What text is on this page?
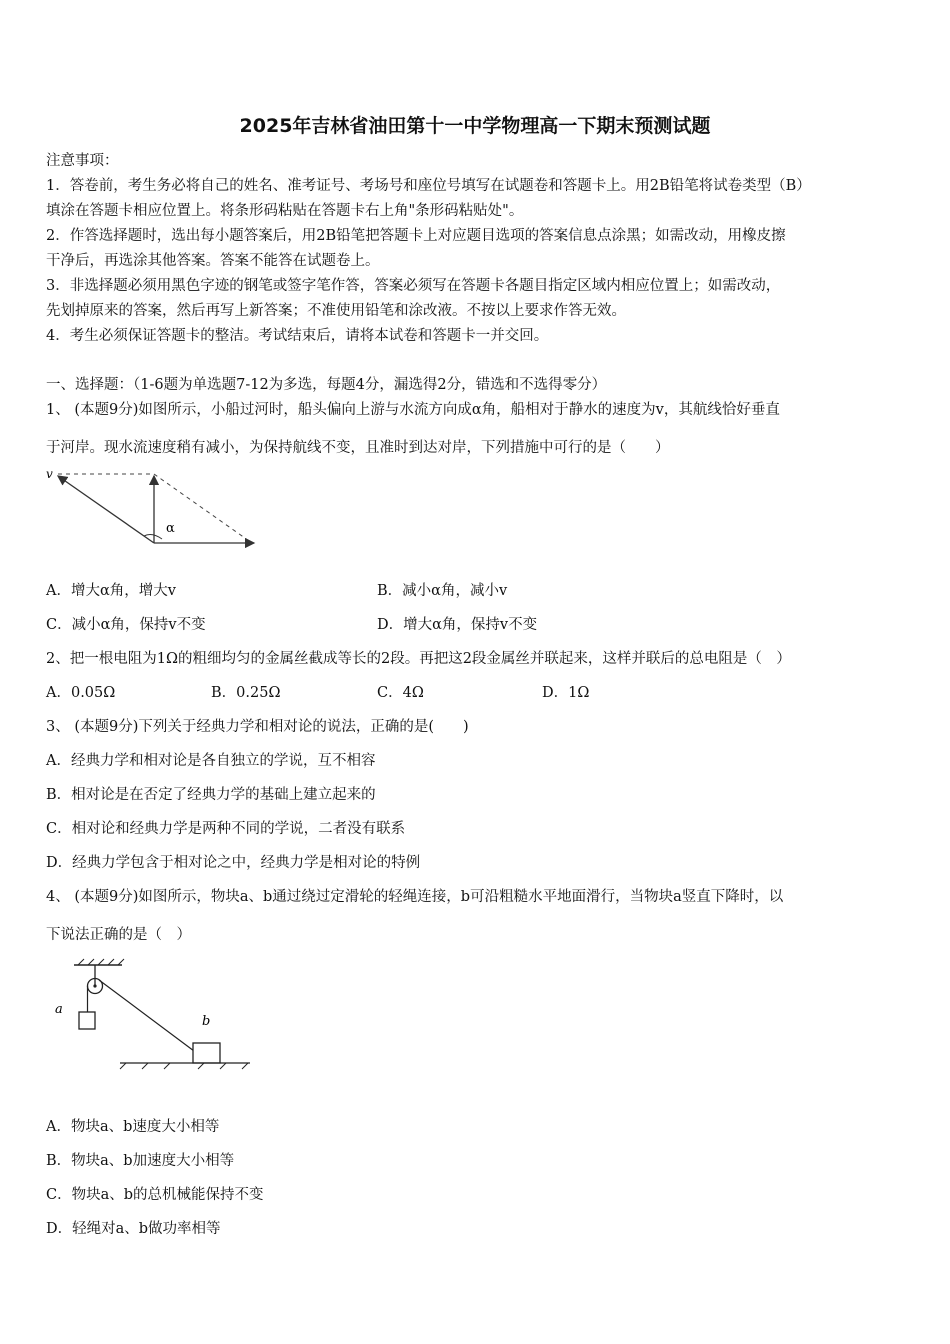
2025年吉林省油田第十一中学物理高一下期末预测试题
注意事项：
1．答卷前，考生务必将自己的姓名、准考证号、考场号和座位号填写在试题卷和答题卡上。用2B铅笔将试卷类型（B）
填涂在答题卡相应位置上。将条形码粘贴在答题卡右上角"条形码粘贴处"。
2．作答选择题时，选出每小题答案后，用2B铅笔把答题卡上对应题目选项的答案信息点涂黑；如需改动，用橡皮擦
干净后，再选涂其他答案。答案不能答在试题卷上。
3．非选择题必须用黑色字迹的钢笔或签字笔作答，答案必须写在答题卡各题目指定区域内相应位置上；如需改动，
先划掉原来的答案，然后再写上新答案；不准使用铅笔和涂改液。不按以上要求作答无效。
4．考生必须保证答题卡的整洁。考试结束后，请将本试卷和答题卡一并交回。
一、选择题：（1-6题为单选题7-12为多选，每题4分，漏选得2分，错选和不选得零分）
1、 (本题9分)如图所示，小船过河时，船头偏向上游与水流方向成α角，船相对于静水的速度为v，其航线恰好垂直
于河岸。现水流速度稍有减小，为保持航线不变，且准时到达对岸，下列措施中可行的是（　　）
v
α
A．增大α角，增大v	B．减小α角，减小v
C．减小α角，保持v不变	D．增大α角，保持v不变
2、把一根电阻为1Ω的粗细均匀的金属丝截成等长的2段。再把这2段金属丝并联起来，这样并联后的总电阻是（　）
A．0.05Ω	B．0.25Ω	C．4Ω	D．1Ω
3、 (本题9分)下列关于经典力学和相对论的说法，正确的是(　　)
A．经典力学和相对论是各自独立的学说，互不相容
B．相对论是在否定了经典力学的基础上建立起来的
C．相对论和经典力学是两种不同的学说，二者没有联系
D．经典力学包含于相对论之中，经典力学是相对论的特例
4、 (本题9分)如图所示，物块a、b通过绕过定滑轮的轻绳连接，b可沿粗糙水平地面滑行，当物块a竖直下降时，以
下说法正确的是（　）
a
b
A．物块a、b速度大小相等
B．物块a、b加速度大小相等
C．物块a、b的总机械能保持不变
D．轻绳对a、b做功率相等
